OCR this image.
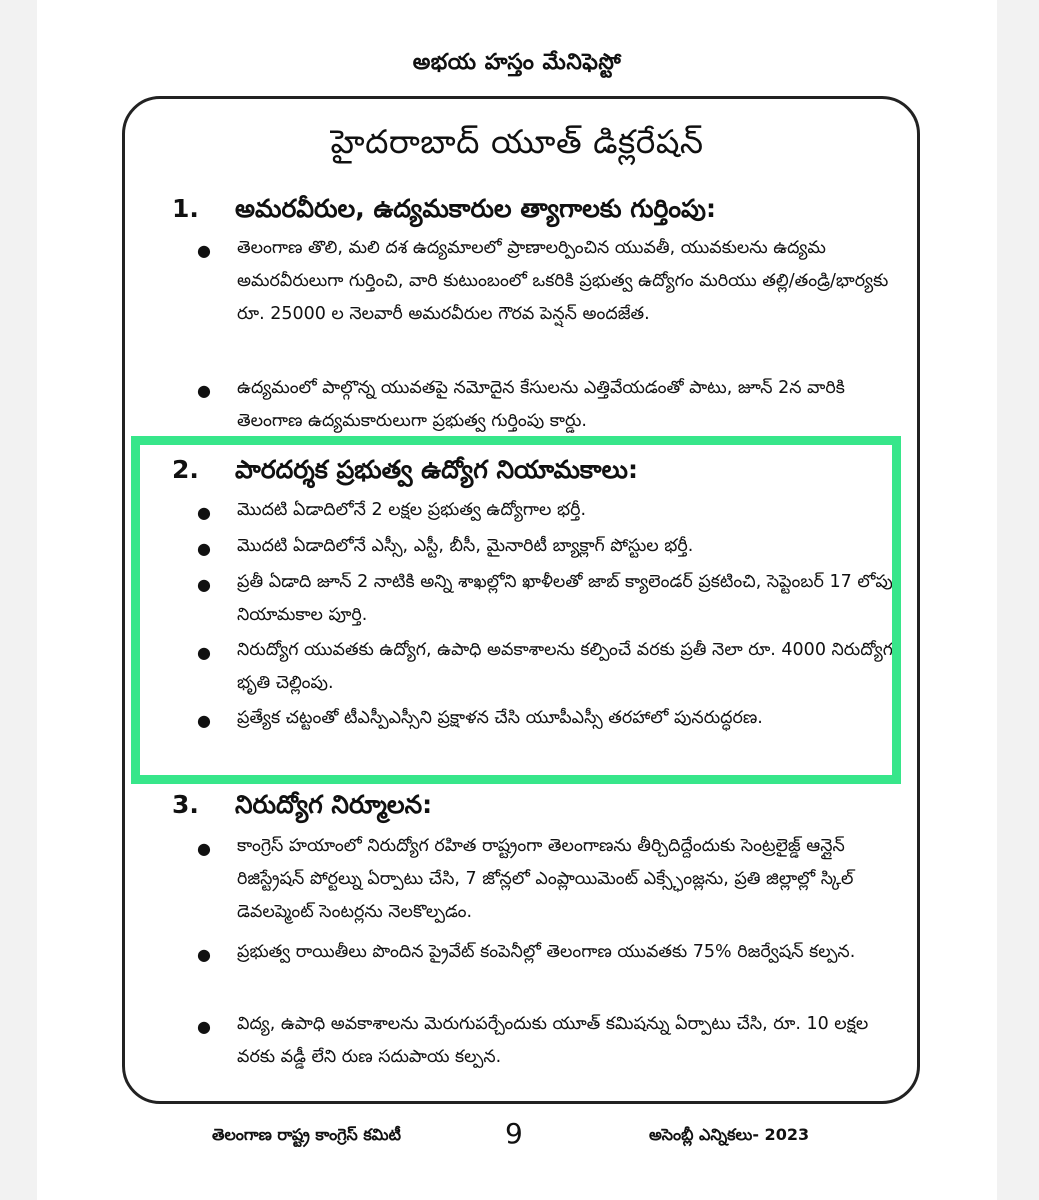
అభయ హస్తం మేనిఫెస్టో
హైదరాబాద్ యూత్ డిక్లరేషన్
1. అమరవీరుల, ఉద్యమకారుల త్యాగాలకు గుర్తింపు:
● తెలంగాణ తొలి, మలి దశ ఉద్యమాలలో ప్రాణాలర్పించిన యువతీ, యువకులను ఉద్యమ అమరవీరులుగా గుర్తించి, వారి కుటుంబంలో ఒకరికి ప్రభుత్వ ఉద్యోగం మరియు తల్లి/తండ్రి/భార్యకు రూ. 25000 ల నెలవారీ అమరవీరుల గౌరవ పెన్షన్ అందజేత.
● ఉద్యమంలో పాల్గొన్న యువతపై నమోదైన కేసులను ఎత్తివేయడంతో పాటు, జూన్ 2న వారికి తెలంగాణ ఉద్యమకారులుగా ప్రభుత్వ గుర్తింపు కార్డు.
2. పారదర్శక ప్రభుత్వ ఉద్యోగ నియామకాలు:
● మొదటి ఏడాదిలోనే 2 లక్షల ప్రభుత్వ ఉద్యోగాల భర్తీ.
● మొదటి ఏడాదిలోనే ఎస్సీ, ఎస్టీ, బీసీ, మైనారిటీ బ్యాక్లాగ్ పోస్టుల భర్తీ.
● ప్రతీ ఏడాది జూన్ 2 నాటికి అన్ని శాఖల్లోని ఖాళీలతో జాబ్ క్యాలెండర్ ప్రకటించి, సెప్టెంబర్ 17 లోపు నియామకాల పూర్తి.
● నిరుద్యోగ యువతకు ఉద్యోగ, ఉపాధి అవకాశాలను కల్పించే వరకు ప్రతీ నెలా రూ. 4000 నిరుద్యోగ భృతి చెల్లింపు.
● ప్రత్యేక చట్టంతో టీఎస్పీఎస్సీని ప్రక్షాళన చేసి యూపీఎస్సీ తరహాలో పునరుద్ధరణ.
3. నిరుద్యోగ నిర్మూలన:
● కాంగ్రెస్ హయాంలో నిరుద్యోగ రహిత రాష్ట్రంగా తెలంగాణను తీర్చిదిద్దేందుకు సెంట్రలైజ్డ్ ఆన్లైన్ రిజిస్ట్రేషన్ పోర్టల్ను ఏర్పాటు చేసి, 7 జోన్లలో ఎంప్లాయిమెంట్ ఎక్స్ఛేంజ్లను, ప్రతి జిల్లాల్లో స్కిల్ డెవలప్మెంట్ సెంటర్లను నెలకొల్పడం.
● ప్రభుత్వ రాయితీలు పొందిన ప్రైవేట్ కంపెనీల్లో తెలంగాణ యువతకు 75% రిజర్వేషన్ కల్పన.
● విద్య, ఉపాధి అవకాశాలను మెరుగుపర్చేందుకు యూత్ కమిషన్ను ఏర్పాటు చేసి, రూ. 10 లక్షల వరకు వడ్డీ లేని రుణ సదుపాయ కల్పన.
తెలంగాణ రాష్ట్ర కాంగ్రెస్ కమిటీ	9	అసెంబ్లీ ఎన్నికలు- 2023
